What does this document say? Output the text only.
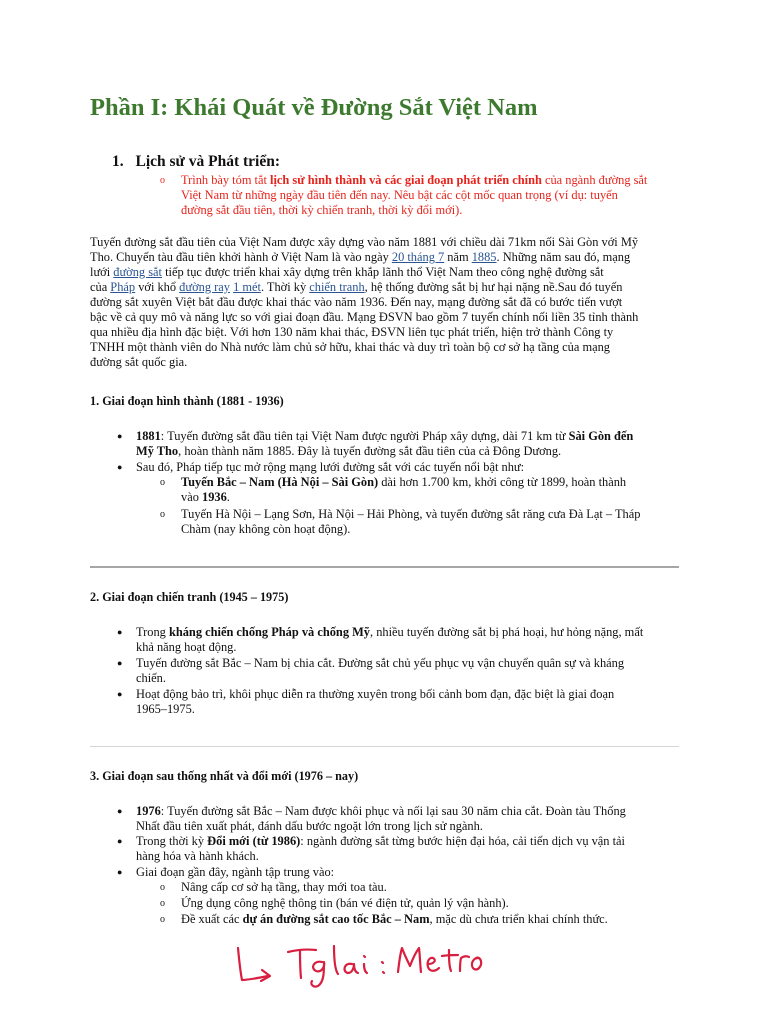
Phần I: Khái Quát về Đường Sắt Việt Nam
1. Lịch sử và Phát triển:
o Trình bày tóm tắt lịch sử hình thành và các giai đoạn phát triển chính của ngành đường sắt
Việt Nam từ những ngày đầu tiên đến nay. Nêu bật các cột mốc quan trọng (ví dụ: tuyến
đường sắt đầu tiên, thời kỳ chiến tranh, thời kỳ đổi mới).
Tuyến đường sắt đầu tiên của Việt Nam được xây dựng vào năm 1881 với chiều dài 71km nối Sài Gòn với Mỹ
Tho. Chuyến tàu đầu tiên khởi hành ở Việt Nam là vào ngày 20 tháng 7 năm 1885. Những năm sau đó, mạng
lưới đường sắt tiếp tục được triển khai xây dựng trên khắp lãnh thổ Việt Nam theo công nghệ đường sắt
của Pháp với khổ đường ray 1 mét. Thời kỳ chiến tranh, hệ thống đường sắt bị hư hại nặng nề.Sau đó tuyến
đường sắt xuyên Việt bắt đầu được khai thác vào năm 1936. Đến nay, mạng đường sắt đã có bước tiến vượt
bậc về cả quy mô và năng lực so với giai đoạn đầu. Mạng ĐSVN bao gồm 7 tuyến chính nối liền 35 tỉnh thành
qua nhiều địa hình đặc biệt. Với hơn 130 năm khai thác, ĐSVN liên tục phát triển, hiện trở thành Công ty
TNHH một thành viên do Nhà nước làm chủ sở hữu, khai thác và duy trì toàn bộ cơ sở hạ tầng của mạng
đường sắt quốc gia.
1. Giai đoạn hình thành (1881 - 1936)
● 1881: Tuyến đường sắt đầu tiên tại Việt Nam được người Pháp xây dựng, dài 71 km từ Sài Gòn đến
Mỹ Tho, hoàn thành năm 1885. Đây là tuyến đường sắt đầu tiên của cả Đông Dương.
● Sau đó, Pháp tiếp tục mở rộng mạng lưới đường sắt với các tuyến nổi bật như:
o Tuyến Bắc – Nam (Hà Nội – Sài Gòn) dài hơn 1.700 km, khởi công từ 1899, hoàn thành
vào 1936.
o Tuyến Hà Nội – Lạng Sơn, Hà Nội – Hải Phòng, và tuyến đường sắt răng cưa Đà Lạt – Tháp
Chàm (nay không còn hoạt động).
2. Giai đoạn chiến tranh (1945 – 1975)
● Trong kháng chiến chống Pháp và chống Mỹ, nhiều tuyến đường sắt bị phá hoại, hư hỏng nặng, mất
khả năng hoạt động.
● Tuyến đường sắt Bắc – Nam bị chia cắt. Đường sắt chủ yếu phục vụ vận chuyển quân sự và kháng
chiến.
● Hoạt động bảo trì, khôi phục diễn ra thường xuyên trong bối cảnh bom đạn, đặc biệt là giai đoạn
1965–1975.
3. Giai đoạn sau thống nhất và đổi mới (1976 – nay)
● 1976: Tuyến đường sắt Bắc – Nam được khôi phục và nối lại sau 30 năm chia cắt. Đoàn tàu Thống
Nhất đầu tiên xuất phát, đánh dấu bước ngoặt lớn trong lịch sử ngành.
● Trong thời kỳ Đổi mới (từ 1986): ngành đường sắt từng bước hiện đại hóa, cải tiến dịch vụ vận tải
hàng hóa và hành khách.
● Giai đoạn gần đây, ngành tập trung vào:
o Nâng cấp cơ sở hạ tầng, thay mới toa tàu.
o Ứng dụng công nghệ thông tin (bán vé điện tử, quản lý vận hành).
o Đề xuất các dự án đường sắt cao tốc Bắc – Nam, mặc dù chưa triển khai chính thức.
